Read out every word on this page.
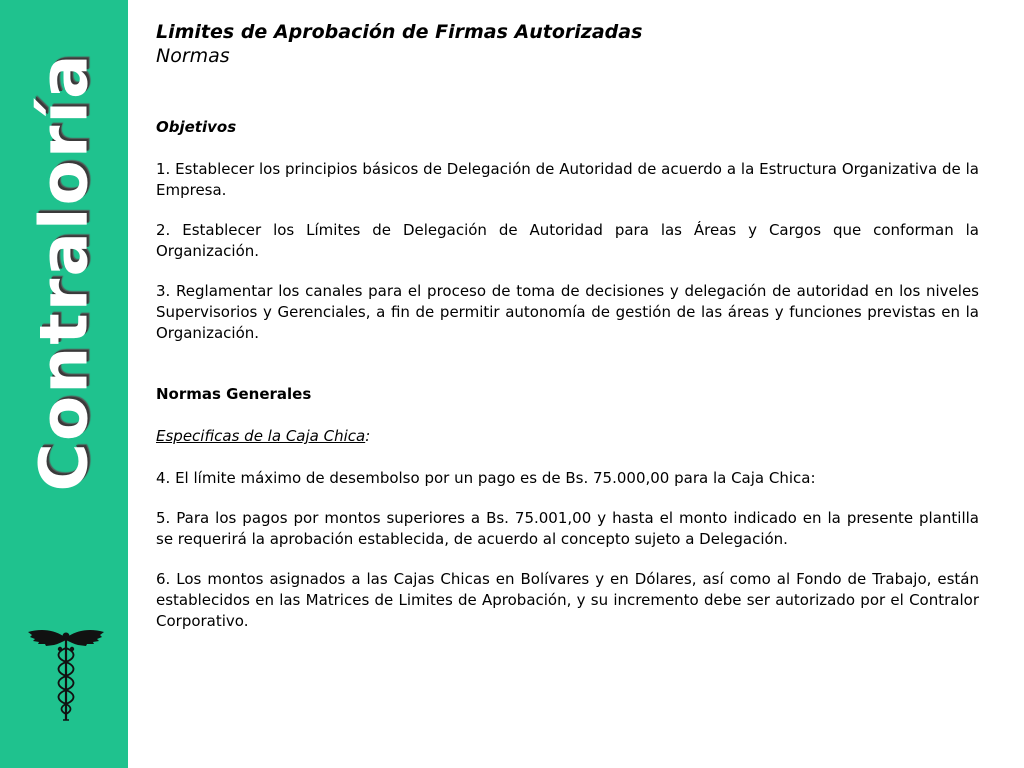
Contraloría

Limites de Aprobación de Firmas Autorizadas

Normas

Objetivos

1. Establecer los principios básicos de Delegación de Autoridad de acuerdo a la Estructura Organizativa de la Empresa.

2. Establecer los Límites de Delegación de Autoridad para las Áreas y Cargos que conforman la Organización.

3. Reglamentar los canales para el proceso de toma de decisiones y delegación de autoridad en los niveles Supervisorios y Gerenciales, a fin de permitir autonomía de gestión de las áreas y funciones previstas en la Organización.

Normas Generales

Especificas de la Caja Chica:

4. El límite máximo de desembolso por un pago es de Bs. 75.000,00 para la Caja Chica:

5. Para los pagos por montos superiores a Bs. 75.001,00 y hasta el monto indicado en la presente plantilla se requerirá la aprobación establecida, de acuerdo al concepto sujeto a Delegación.

6. Los montos asignados a las Cajas Chicas en Bolívares y en Dólares, así como al Fondo de Trabajo, están establecidos en las Matrices de Limites de Aprobación, y su incremento debe ser autorizado por el Contralor Corporativo.
